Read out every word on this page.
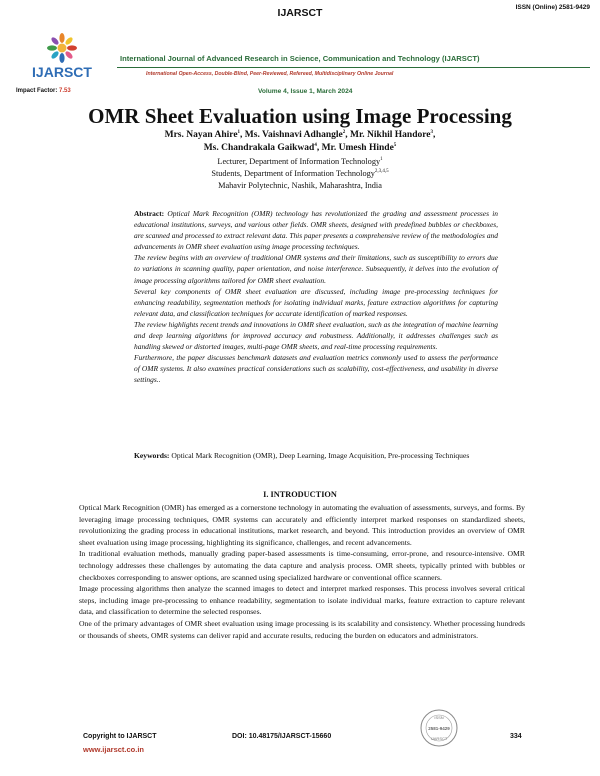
IJARSCT	ISSN (Online) 2581-9429
IJARSCT
International Journal of Advanced Research in Science, Communication and Technology (IJARSCT)
International Open-Access, Double-Blind, Peer-Reviewed, Refereed, Multidisciplinary Online Journal
Impact Factor: 7.53	Volume 4, Issue 1, March 2024
OMR Sheet Evaluation using Image Processing
Mrs. Nayan Ahire$^1$, Ms. Vaishnavi Adhangle$^2$, Mr. Nikhil Handore$^3$,
Ms. Chandrakala Gaikwad$^4$, Mr. Umesh Hinde$^5$
Lecturer, Department of Information Technology$^1$
Students, Department of Information Technology$^{2,3,4,5}$
Mahavir Polytechnic, Nashik, Maharashtra, India

Abstract: Optical Mark Recognition (OMR) technology has revolutionized the grading and assessment processes in educational institutions, surveys, and various other fields. OMR sheets, designed with predefined bubbles or checkboxes, are scanned and processed to extract relevant data. This paper presents a comprehensive review of the methodologies and advancements in OMR sheet evaluation using image processing techniques.

The review begins with an overview of traditional OMR systems and their limitations, such as susceptibility to errors due to variations in scanning quality, paper orientation, and noise interference. Subsequently, it delves into the evolution of image processing algorithms tailored for OMR sheet evaluation.

Several key components of OMR sheet evaluation are discussed, including image pre-processing techniques for enhancing readability, segmentation methods for isolating individual marks, feature extraction algorithms for capturing relevant data, and classification techniques for accurate identification of marked responses.

The review highlights recent trends and innovations in OMR sheet evaluation, such as the integration of machine learning and deep learning algorithms for improved accuracy and robustness. Additionally, it addresses challenges such as handling skewed or distorted images, multi-page OMR sheets, and real-time processing requirements.

Furthermore, the paper discusses benchmark datasets and evaluation metrics commonly used to assess the performance of OMR systems. It also examines practical considerations such as scalability, cost-effectiveness, and usability in diverse settings..

Keywords: Optical Mark Recognition (OMR), Deep Learning, Image Acquisition, Pre-processing Techniques
I. INTRODUCTION

Optical Mark Recognition (OMR) has emerged as a cornerstone technology in automating the evaluation of assessments, surveys, and forms. By leveraging image processing techniques, OMR systems can accurately and efficiently interpret marked responses on standardized sheets, revolutionizing the grading process in educational institutions, market research, and beyond. This introduction provides an overview of OMR sheet evaluation using image processing, highlighting its significance, challenges, and recent advancements.

In traditional evaluation methods, manually grading paper-based assessments is time-consuming, error-prone, and resource-intensive. OMR technology addresses these challenges by automating the data capture and analysis process. OMR sheets, typically printed with bubbles or checkboxes corresponding to answer options, are scanned using specialized hardware or conventional office scanners.

Image processing algorithms then analyze the scanned images to detect and interpret marked responses. This process involves several critical steps, including image pre-processing to enhance readability, segmentation to isolate individual marks, feature extraction to capture relevant data, and classification to determine the selected responses.

One of the primary advantages of OMR sheet evaluation using image processing is its scalability and consistency. Whether processing hundreds or thousands of sheets, OMR systems can deliver rapid and accurate results, reducing the burden on educators and administrators.

Copyright to IJARSCT
www.ijarsct.co.in
DOI: 10.48175/IJARSCT-15660
ISSN
2581-9429
IJARSCT	334
